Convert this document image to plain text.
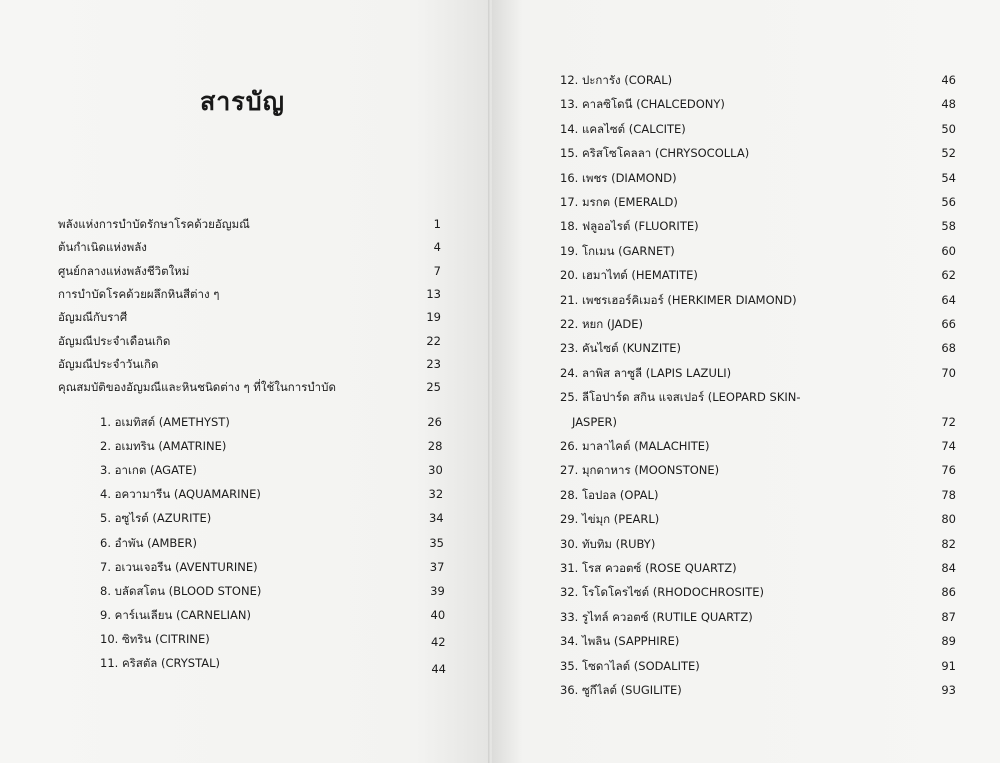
สารบัญ
พลังแห่งการบำบัดรักษาโรคด้วยอัญมณี	1
ต้นกำเนิดแห่งพลัง	4
ศูนย์กลางแห่งพลังชีวิตใหม่	7
การบำบัดโรคด้วยผลึกหินสีต่าง ๆ	13
อัญมณีกับราศี	19
อัญมณีประจำเดือนเกิด	22
อัญมณีประจำวันเกิด	23
คุณสมบัติของอัญมณีและหินชนิดต่าง ๆ ที่ใช้ในการบำบัด	25
1. อเมทิสต์ (AMETHYST)	26
2. อเมทริน (AMATRINE)	28
3. อาเกต (AGATE)	30
4. อความารีน (AQUAMARINE)	32
5. อซูไรต์ (AZURITE)	34
6. อำพัน (AMBER)	35
7. อเวนเจอรีน (AVENTURINE)	37
8. บลัดสโตน (BLOOD STONE)	39
9. คาร์เนเลียน (CARNELIAN)	40
10. ซิทริน (CITRINE)	42
11. คริสตัล (CRYSTAL)	44
12. ปะการัง (CORAL)	46
13. คาลซิโดนี (CHALCEDONY)	48
14. แคลไซต์ (CALCITE)	50
15. คริสโซโคลลา (CHRYSOCOLLA)	52
16. เพชร (DIAMOND)	54
17. มรกต (EMERALD)	56
18. ฟลูออไรต์ (FLUORITE)	58
19. โกเมน (GARNET)	60
20. เฮมาไทต์ (HEMATITE)	62
21. เพชรเฮอร์คิเมอร์ (HERKIMER DIAMOND)	64
22. หยก (JADE)	66
23. คันไซต์ (KUNZITE)	68
24. ลาพิส ลาซูลี (LAPIS LAZULI)	70
25. ลีโอปาร์ด สกิน แจสเปอร์ (LEOPARD SKIN-
JASPER)	72
26. มาลาไคต์ (MALACHITE)	74
27. มุกดาหาร (MOONSTONE)	76
28. โอปอล (OPAL)	78
29. ไข่มุก (PEARL)	80
30. ทับทิม (RUBY)	82
31. โรส ควอตซ์ (ROSE QUARTZ)	84
32. โรโดโครไซต์ (RHODOCHROSITE)	86
33. รูไทล์ ควอตซ์ (RUTILE QUARTZ)	87
34. ไพลิน (SAPPHIRE)	89
35. โซดาไลต์ (SODALITE)	91
36. ซูกีไลต์ (SUGILITE)	93
